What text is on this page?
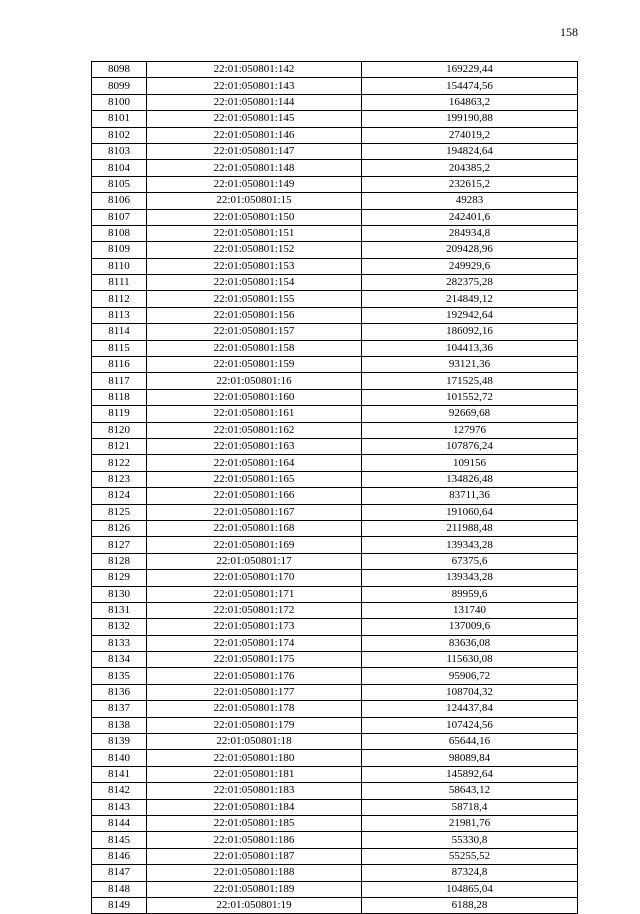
158
8098	22:01:050801:142	169229,44
8099	22:01:050801:143	154474,56
8100	22:01:050801:144	164863,2
8101	22:01:050801:145	199190,88
8102	22:01:050801:146	274019,2
8103	22:01:050801:147	194824,64
8104	22:01:050801:148	204385,2
8105	22:01:050801:149	232615,2
8106	22:01:050801:15	49283
8107	22:01:050801:150	242401,6
8108	22:01:050801:151	284934,8
8109	22:01:050801:152	209428,96
8110	22:01:050801:153	249929,6
8111	22:01:050801:154	282375,28
8112	22:01:050801:155	214849,12
8113	22:01:050801:156	192942,64
8114	22:01:050801:157	186092,16
8115	22:01:050801:158	104413,36
8116	22:01:050801:159	93121,36
8117	22:01:050801:16	171525,48
8118	22:01:050801:160	101552,72
8119	22:01:050801:161	92669,68
8120	22:01:050801:162	127976
8121	22:01:050801:163	107876,24
8122	22:01:050801:164	109156
8123	22:01:050801:165	134826,48
8124	22:01:050801:166	83711,36
8125	22:01:050801:167	191060,64
8126	22:01:050801:168	211988,48
8127	22:01:050801:169	139343,28
8128	22:01:050801:17	67375,6
8129	22:01:050801:170	139343,28
8130	22:01:050801:171	89959,6
8131	22:01:050801:172	131740
8132	22:01:050801:173	137009,6
8133	22:01:050801:174	83636,08
8134	22:01:050801:175	115630,08
8135	22:01:050801:176	95906,72
8136	22:01:050801:177	108704,32
8137	22:01:050801:178	124437,84
8138	22:01:050801:179	107424,56
8139	22:01:050801:18	65644,16
8140	22:01:050801:180	98089,84
8141	22:01:050801:181	145892,64
8142	22:01:050801:183	58643,12
8143	22:01:050801:184	58718,4
8144	22:01:050801:185	21981,76
8145	22:01:050801:186	55330,8
8146	22:01:050801:187	55255,52
8147	22:01:050801:188	87324,8
8148	22:01:050801:189	104865,04
8149	22:01:050801:19	6188,28
